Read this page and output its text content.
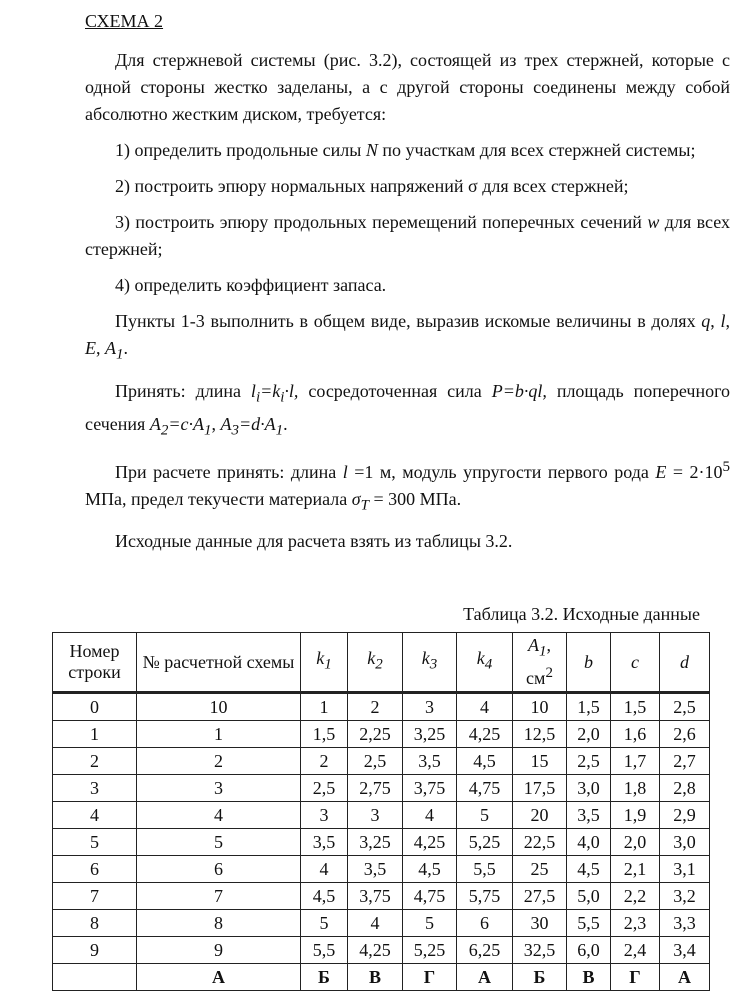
СХЕМА 2
Для стержневой системы (рис. 3.2), состоящей из трех стержней, которые с одной стороны жестко заделаны, а с другой стороны соединены между собой абсолютно жестким диском, требуется:
1) определить продольные силы N по участкам для всех стержней системы;
2) построить эпюру нормальных напряжений σ для всех стержней;
3) построить эпюру продольных перемещений поперечных сечений w для всех стержней;
4) определить коэффициент запаса.
Пункты 1-3 выполнить в общем виде, выразив искомые величины в долях q, l, E, $A_1$.
Принять: длина $l_i=k_i\cdot l$, сосредоточенная сила P=b·ql, площадь поперечного сечения $A_2=c\cdot A_1$, $A_3=d\cdot A_1$.
При расчете принять: длина l =1 м, модуль упругости первого рода $E = 2\cdot 10^5$ МПа, предел текучести материала $\sigma_T = 300$ МПа.
Исходные данные для расчета взять из таблицы 3.2.
Таблица 3.2. Исходные данные
Номер строки	№ расчетной схемы	$k_1$	$k_2$	$k_3$	$k_4$	$A_1$, $см^2$	b	c	d
0	10	1	2	3	4	10	1,5	1,5	2,5
1	1	1,5	2,25	3,25	4,25	12,5	2,0	1,6	2,6
2	2	2	2,5	3,5	4,5	15	2,5	1,7	2,7
3	3	2,5	2,75	3,75	4,75	17,5	3,0	1,8	2,8
4	4	3	3	4	5	20	3,5	1,9	2,9
5	5	3,5	3,25	4,25	5,25	22,5	4,0	2,0	3,0
6	6	4	3,5	4,5	5,5	25	4,5	2,1	3,1
7	7	4,5	3,75	4,75	5,75	27,5	5,0	2,2	3,2
8	8	5	4	5	6	30	5,5	2,3	3,3
9	9	5,5	4,25	5,25	6,25	32,5	6,0	2,4	3,4
	А	Б	В	Г	А	Б	В	Г	А
